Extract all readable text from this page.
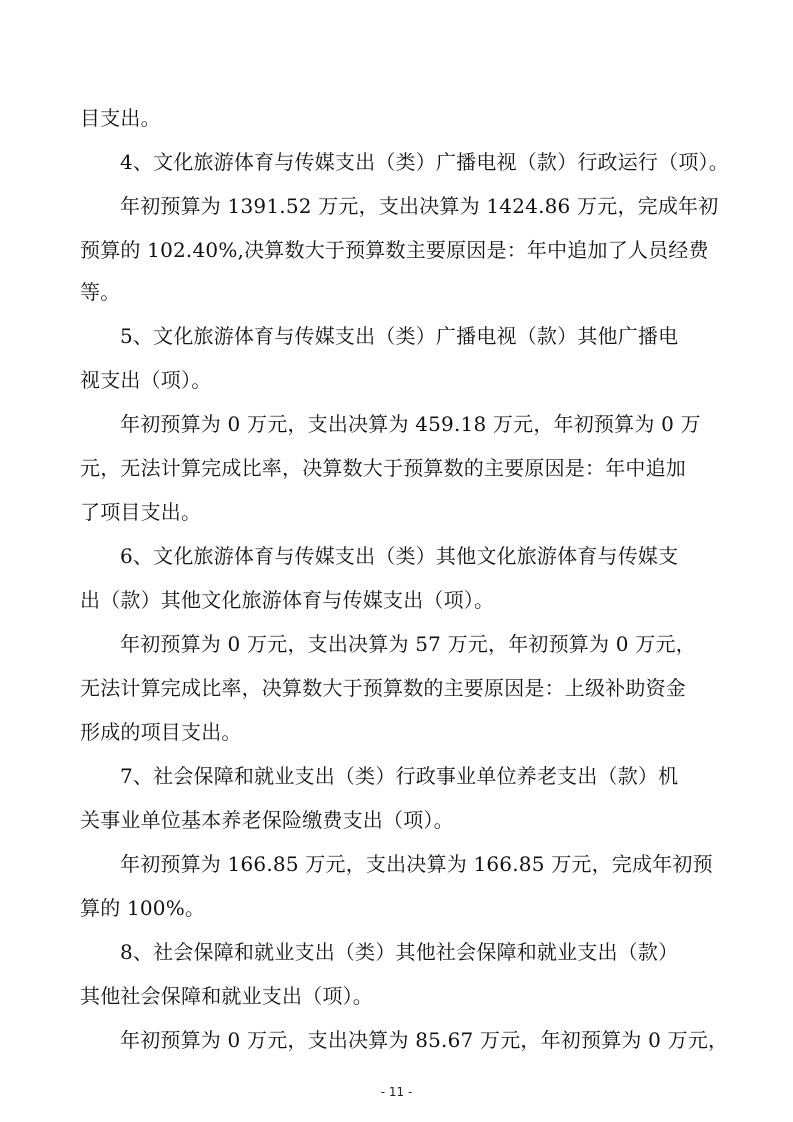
目支出。
4、文化旅游体育与传媒支出（类）广播电视（款）行政运行（项）。
年初预算为 1391.52 万元，支出决算为 1424.86 万元，完成年初
预算的 102.40%,决算数大于预算数主要原因是：年中追加了人员经费
等。
5、文化旅游体育与传媒支出（类）广播电视（款）其他广播电
视支出（项）。
年初预算为 0 万元，支出决算为 459.18 万元，年初预算为 0 万
元，无法计算完成比率，决算数大于预算数的主要原因是：年中追加
了项目支出。
6、文化旅游体育与传媒支出（类）其他文化旅游体育与传媒支
出（款）其他文化旅游体育与传媒支出（项）。
年初预算为 0 万元，支出决算为 57 万元，年初预算为 0 万元，
无法计算完成比率，决算数大于预算数的主要原因是：上级补助资金
形成的项目支出。
7、社会保障和就业支出（类）行政事业单位养老支出（款）机
关事业单位基本养老保险缴费支出（项）。
年初预算为 166.85 万元，支出决算为 166.85 万元，完成年初预
算的 100%。
8、社会保障和就业支出（类）其他社会保障和就业支出（款）
其他社会保障和就业支出（项）。
年初预算为 0 万元，支出决算为 85.67 万元，年初预算为 0 万元，
- 11 -
